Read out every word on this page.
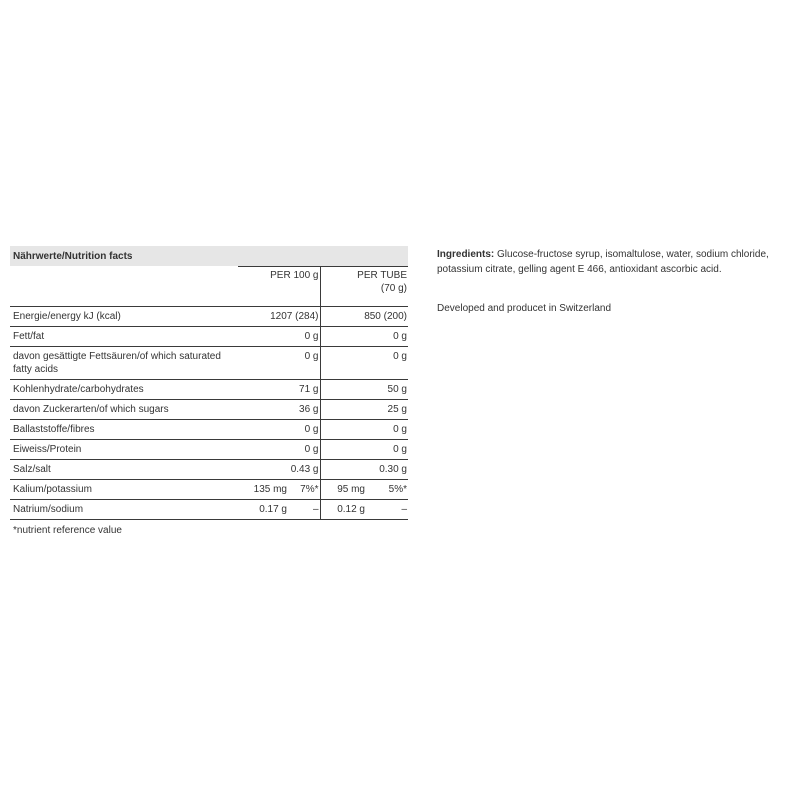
Nährwerte/Nutrition facts
	PER 100 g		PER TUBE
(70 g)	
Energie/energy kJ (kcal)	1207 (284)		850 (200)	
Fett/fat	0 g		0 g	
davon gesättigte Fettsäuren/of which saturated fatty acids	0 g		0 g	
Kohlenhydrate/carbohydrates	71 g		50 g	
davon Zuckerarten/of which sugars	36 g		25 g	
Ballaststoffe/fibres	0 g		0 g	
Eiweiss/Protein	0 g		0 g	
Salz/salt	0.43 g		0.30 g	
Kalium/potassium	135 mg	7%*	95 mg	5%*
Natrium/sodium	0.17 g	–	0.12 g	–
*nutrient reference value
Ingredients: Glucose-fructose syrup, isomaltulose, water, sodium chloride, potassium citrate, gelling agent E 466, antioxidant ascorbic acid.
Developed and producet in Switzerland
